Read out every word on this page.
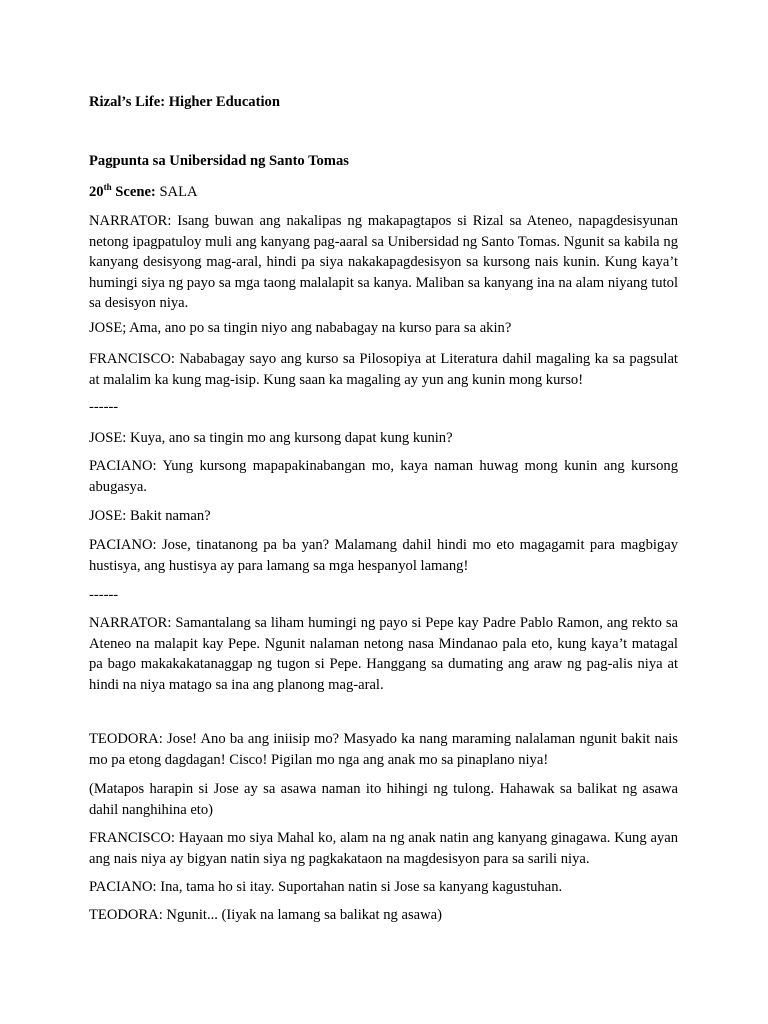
Rizal’s Life: Higher Education
Pagpunta sa Unibersidad ng Santo Tomas

20th Scene: SALA

NARRATOR: Isang buwan ang nakalipas ng makapagtapos si Rizal sa Ateneo, napagdesisyunan netong ipagpatuloy muli ang kanyang pag-aaral sa Unibersidad ng Santo Tomas. Ngunit sa kabila ng kanyang desisyong mag-aral, hindi pa siya nakakapagdesisyon sa kursong nais kunin. Kung kaya’t humingi siya ng payo sa mga taong malalapit sa kanya. Maliban sa kanyang ina na alam niyang tutol sa desisyon niya.

JOSE; Ama, ano po sa tingin niyo ang nababagay na kurso para sa akin?

FRANCISCO: Nababagay sayo ang kurso sa Pilosopiya at Literatura dahil magaling ka sa pagsulat at malalim ka kung mag-isip. Kung saan ka magaling ay yun ang kunin mong kurso!

------

JOSE: Kuya, ano sa tingin mo ang kursong dapat kung kunin?

PACIANO: Yung kursong mapapakinabangan mo, kaya naman huwag mong kunin ang kursong abugasya.

JOSE: Bakit naman?

PACIANO: Jose, tinatanong pa ba yan? Malamang dahil hindi mo eto magagamit para magbigay hustisya, ang hustisya ay para lamang sa mga hespanyol lamang!

------

NARRATOR: Samantalang sa liham humingi ng payo si Pepe kay Padre Pablo Ramon, ang rekto sa Ateneo na malapit kay Pepe. Ngunit nalaman netong nasa Mindanao pala eto, kung kaya’t matagal pa bago makakakatanaggap ng tugon si Pepe. Hanggang sa dumating ang araw ng pag-alis niya at hindi na niya matago sa ina ang planong mag-aral.

TEODORA: Jose! Ano ba ang iniisip mo? Masyado ka nang maraming nalalaman ngunit bakit nais mo pa etong dagdagan! Cisco! Pigilan mo nga ang anak mo sa pinaplano niya!

(Matapos harapin si Jose ay sa asawa naman ito hihingi ng tulong. Hahawak sa balikat ng asawa dahil nanghihina eto)

FRANCISCO: Hayaan mo siya Mahal ko, alam na ng anak natin ang kanyang ginagawa. Kung ayan ang nais niya ay bigyan natin siya ng pagkakataon na magdesisyon para sa sarili niya.

PACIANO: Ina, tama ho si itay. Suportahan natin si Jose sa kanyang kagustuhan.

TEODORA: Ngunit... (Iiyak na lamang sa balikat ng asawa)
